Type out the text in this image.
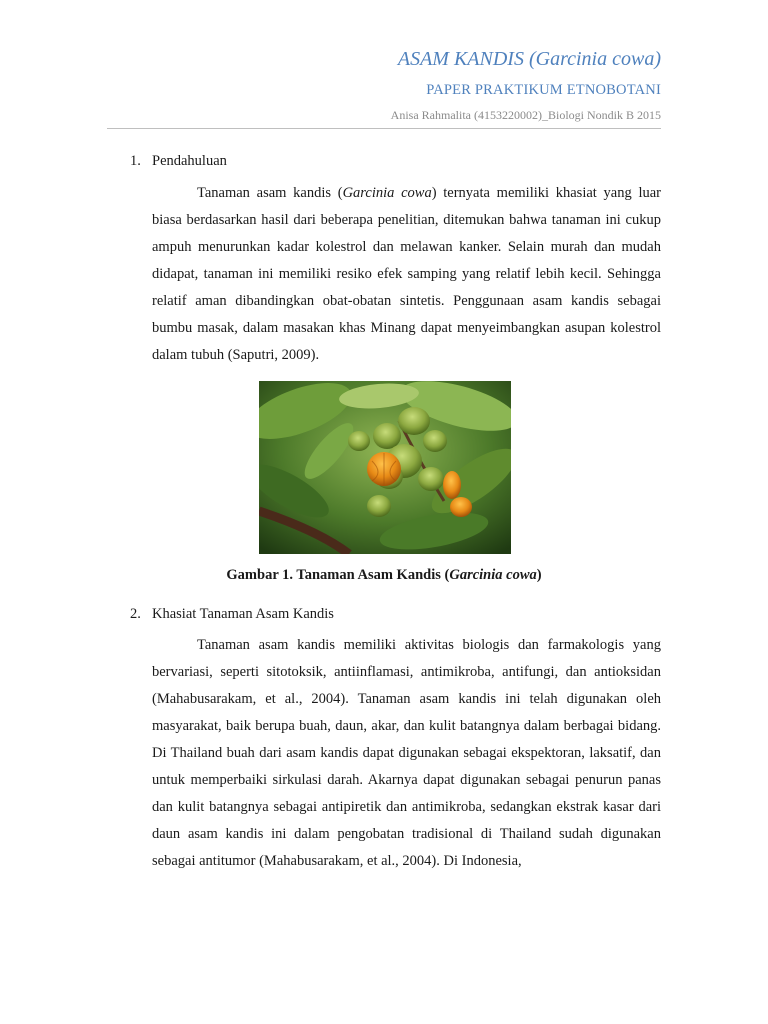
ASAM KANDIS (Garcinia cowa)
PAPER PRAKTIKUM ETNOBOTANI
Anisa Rahmalita (4153220002)_Biologi Nondik B 2015
1. Pendahuluan

Tanaman asam kandis (Garcinia cowa) ternyata memiliki khasiat yang luar biasa berdasarkan hasil dari beberapa penelitian, ditemukan bahwa tanaman ini cukup ampuh menurunkan kadar kolestrol dan melawan kanker. Selain murah dan mudah didapat, tanaman ini memiliki resiko efek samping yang relatif lebih kecil. Sehingga relatif aman dibandingkan obat-obatan sintetis. Penggunaan asam kandis sebagai bumbu masak, dalam masakan khas Minang dapat menyeimbangkan asupan kolestrol dalam tubuh (Saputri, 2009).

Gambar 1. Tanaman Asam Kandis (Garcinia cowa)
2. Khasiat Tanaman Asam Kandis

Tanaman asam kandis memiliki aktivitas biologis dan farmakologis yang bervariasi, seperti sitotoksik, antiinflamasi, antimikroba, antifungi, dan antioksidan (Mahabusarakam, et al., 2004). Tanaman asam kandis ini telah digunakan oleh masyarakat, baik berupa buah, daun, akar, dan kulit batangnya dalam berbagai bidang. Di Thailand buah dari asam kandis dapat digunakan sebagai ekspektoran, laksatif, dan untuk memperbaiki sirkulasi darah. Akarnya dapat digunakan sebagai penurun panas dan kulit batangnya sebagai antipiretik dan antimikroba, sedangkan ekstrak kasar dari daun asam kandis ini dalam pengobatan tradisional di Thailand sudah digunakan sebagai antitumor (Mahabusarakam, et al., 2004). Di Indonesia,
